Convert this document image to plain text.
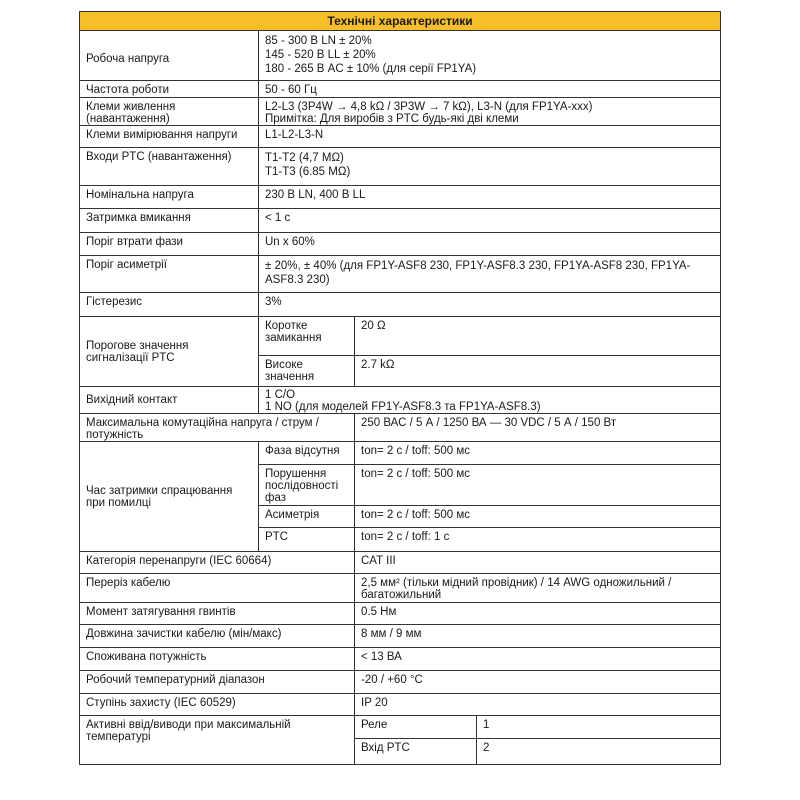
Технічні характеристики			
Робоча напруга	85 - 300 В LN ± 20%
145 - 520 В LL ± 20%
180 - 265 В AC ± 10% (для серії FP1YA)		

Частота роботи	50 - 60 Гц		
Клеми живлення (навантаження)	L2-L3 (3P4W → 4,8 kΩ / 3P3W → 7 kΩ), L3-N (для FP1YA-xxx)
Примітка: Для виробів з PTC будь-які дві клеми		

Клеми вимірювання напруги	L1-L2-L3-N		
Входи PTC (навантаження)	T1-T2 (4,7 MΩ)
T1-T3 (6.85 MΩ)		

Номінальна напруга	230 В LN, 400 В LL		
Затримка вмикання	< 1 с		
Поріг втрати фази	Un x 60%		
Поріг асиметрії	± 20%, ± 40% (для FP1Y-ASF8 230, FP1Y-ASF8.3 230, FP1YA-ASF8 230, FP1YA-ASF8.3 230)		

Гістерезис	3%		
Порогове значення сигналізації PTC	Коротке замикання	20 Ω	
	Високе значення	2.7 kΩ	
Вихідний контакт	1 C/O
1 NO (для моделей FP1Y-ASF8.3 та FP1YA-ASF8.3)		

Максимальна комутаційна напруга / струм / потужність		250 ВАС / 5 А / 1250 ВА — 30 VDC / 5 А / 150 Вт	
Час затримки спрацювання при помилці	Фаза відсутня	ton= 2 с / toff: 500 мс	
	Порушення послідовності фаз	ton= 2 с / toff: 500 мс	
	Асиметрія	ton= 2 с / toff: 500 мс	
	PTC	ton= 2 с / toff: 1 с	
Категорія перенапруги (IEC 60664)		CAT III	
Переріз кабелю		2,5 мм² (тільки мідний провідник) / 14 AWG одножильний / багатожильний	

Момент затягування гвинтів		0.5 Нм	
Довжина зачистки кабелю (мін/макс)		8 мм / 9 мм	
Споживана потужність		< 13 ВА	
Робочий температурний діапазон		-20 / +60 °C	
Ступінь захисту (IEC 60529)		IP 20	
Активні ввід/виводи при максимальній температурі		Реле	1
		Вхід PTC	2
